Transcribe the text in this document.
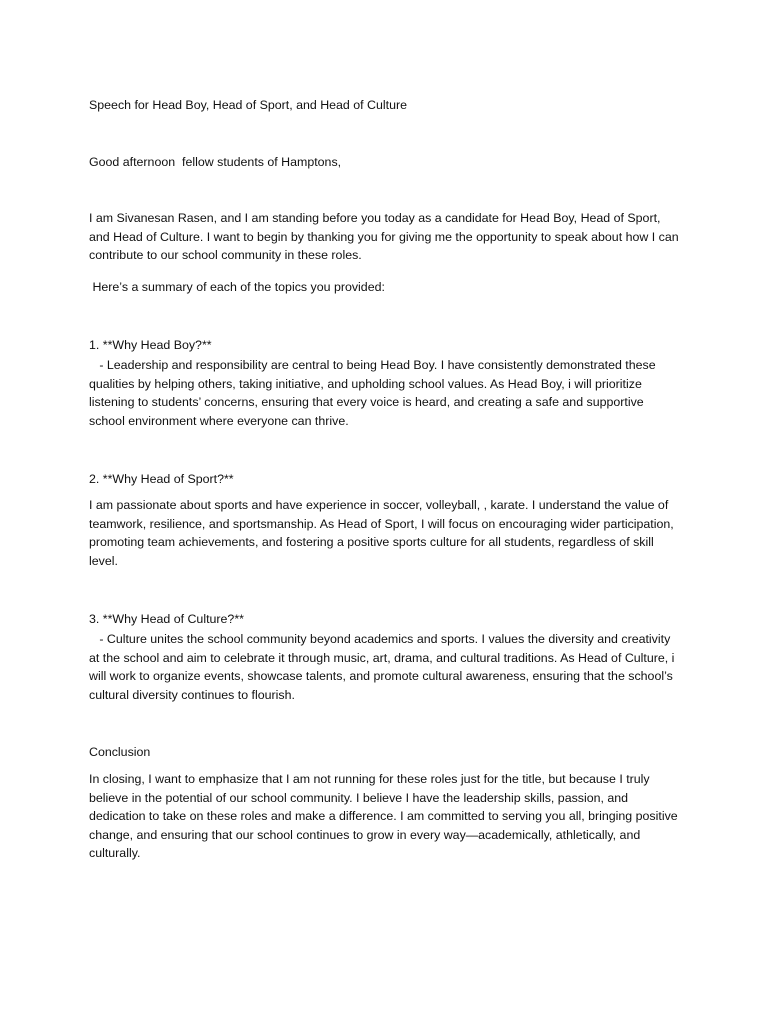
Speech for Head Boy, Head of Sport, and Head of Culture

Good afternoon  fellow students of Hamptons,

I am Sivanesan Rasen, and I am standing before you today as a candidate for Head Boy, Head of Sport, and Head of Culture. I want to begin by thanking you for giving me the opportunity to speak about how I can contribute to our school community in these roles.

Here’s a summary of each of the topics you provided:

1. **Why Head Boy?**

- Leadership and responsibility are central to being Head Boy. I have consistently demonstrated these qualities by helping others, taking initiative, and upholding school values. As Head Boy, i will prioritize listening to students’ concerns, ensuring that every voice is heard, and creating a safe and supportive school environment where everyone can thrive.

2. **Why Head of Sport?**

I am passionate about sports and have experience in soccer, volleyball, , karate. I understand the value of teamwork, resilience, and sportsmanship. As Head of Sport, I will focus on encouraging wider participation, promoting team achievements, and fostering a positive sports culture for all students, regardless of skill level.

3. **Why Head of Culture?**

- Culture unites the school community beyond academics and sports. I values the diversity and creativity at the school and aim to celebrate it through music, art, drama, and cultural traditions. As Head of Culture, i will work to organize events, showcase talents, and promote cultural awareness, ensuring that the school’s cultural diversity continues to flourish.

Conclusion

In closing, I want to emphasize that I am not running for these roles just for the title, but because I truly believe in the potential of our school community. I believe I have the leadership skills, passion, and dedication to take on these roles and make a difference. I am committed to serving you all, bringing positive change, and ensuring that our school continues to grow in every way—academically, athletically, and culturally.
